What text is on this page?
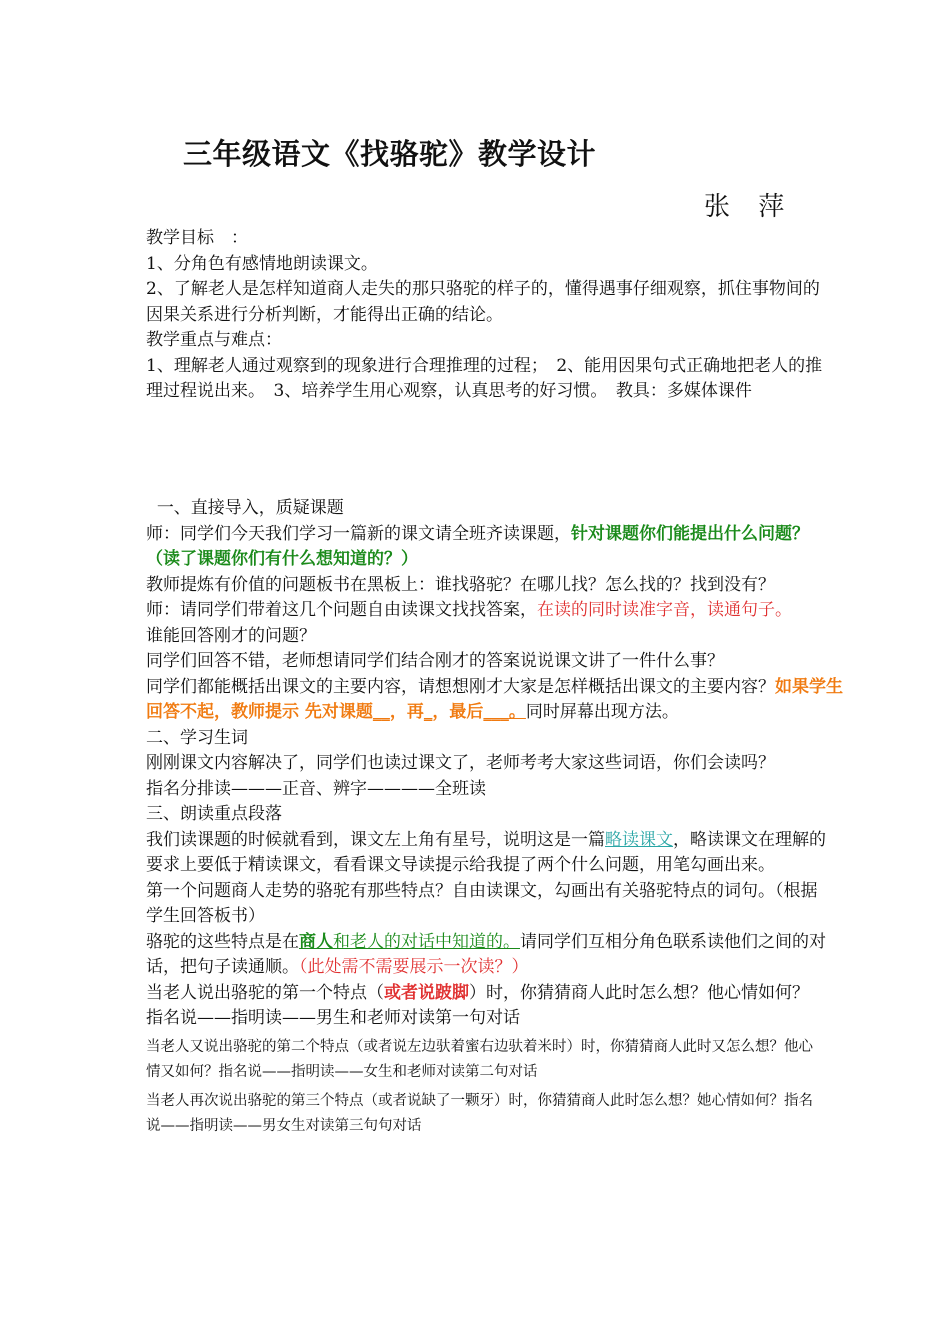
三年级语文《找骆驼》教学设计
张 萍

教学目标　：

1、分角色有感情地朗读课文。

2、了解老人是怎样知道商人走失的那只骆驼的样子的，懂得遇事仔细观察，抓住事物间的因果关系进行分析判断，才能得出正确的结论。

教学重点与难点：

1、理解老人通过观察到的现象进行合理推理的过程；　2、能用因果句式正确地把老人的推理过程说出来。　3、培养学生用心观察，认真思考的好习惯。　教具：多媒体课件

一、直接导入，质疑课题

师：同学们今天我们学习一篇新的课文请全班齐读课题，针对课题你们能提出什么问题？（读了课题你们有什么想知道的？）

教师提炼有价值的问题板书在黑板上：谁找骆驼？在哪儿找？怎么找的？找到没有？

师：请同学们带着这几个问题自由读课文找找答案，在读的同时读准字音，读通句子。

谁能回答刚才的问题？

同学们回答不错，老师想请同学们结合刚才的答案说说课文讲了一件什么事？

同学们都能概括出课文的主要内容，请想想刚才大家是怎样概括出课文的主要内容？如果学生回答不起，教师提示 先对课题__，再_，最后___。同时屏幕出现方法。

二、学习生词

刚刚课文内容解决了，同学们也读过课文了，老师考考大家这些词语，你们会读吗？

指名分排读———正音、辨字————全班读

三、朗读重点段落

我们读课题的时候就看到，课文左上角有星号，说明这是一篇略读课文，略读课文在理解的要求上要低于精读课文，看看课文导读提示给我提了两个什么问题，用笔勾画出来。

第一个问题商人走势的骆驼有那些特点？自由读课文，勾画出有关骆驼特点的词句。（根据学生回答板书）

骆驼的这些特点是在商人和老人的对话中知道的。请同学们互相分角色联系读他们之间的对话，把句子读通顺。（此处需不需要展示一次读？）

当老人说出骆驼的第一个特点（或者说跛脚）时，你猜猜商人此时怎么想？他心情如何？ 指名说——指明读——男生和老师对读第一句对话

当老人又说出骆驼的第二个特点（或者说左边驮着蜜右边驮着米时）时，你猜猜商人此时又怎么想？他心情又如何？指名说——指明读——女生和老师对读第二句对话

当老人再次说出骆驼的第三个特点（或者说缺了一颗牙）时，你猜猜商人此时怎么想？她心情如何？指名说——指明读——男女生对读第三句句对话
